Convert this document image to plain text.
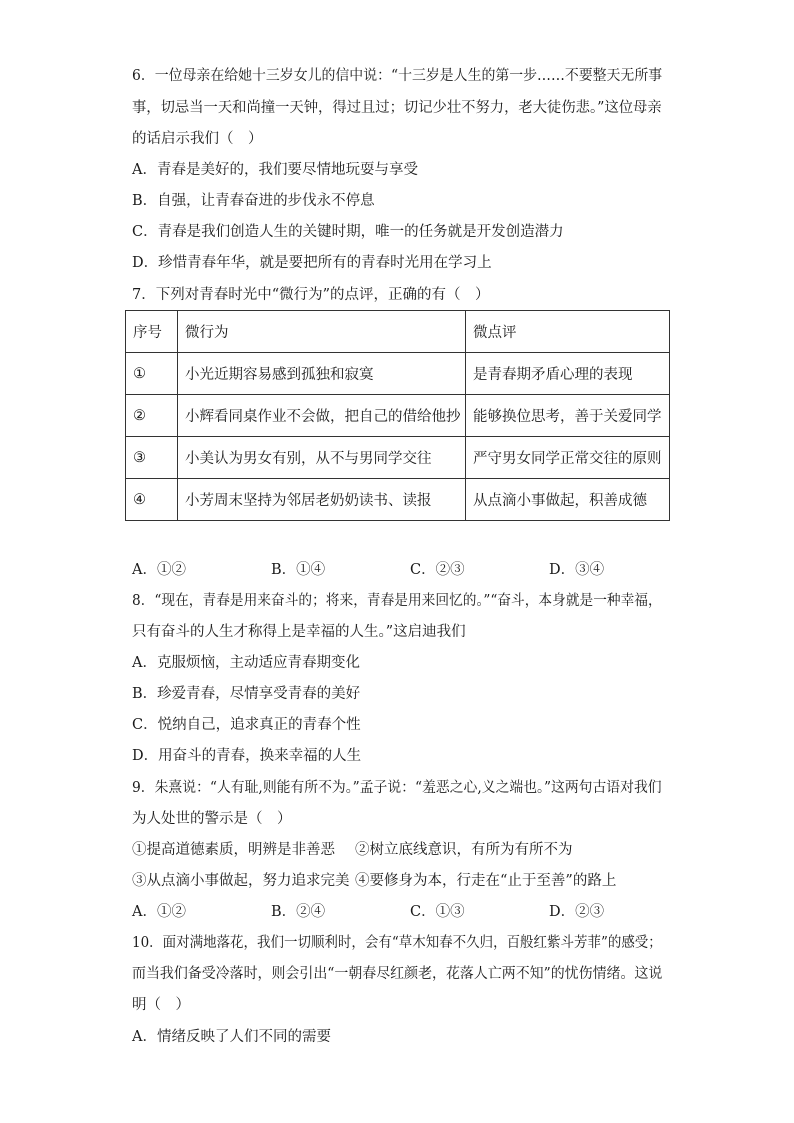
6．一位母亲在给她十三岁女儿的信中说：“十三岁是人生的第一步……不要整天无所事
事，切忌当一天和尚撞一天钟，得过且过；切记少壮不努力，老大徒伤悲。”这位母亲
的话启示我们（　）
A．青春是美好的，我们要尽情地玩耍与享受
B．自强，让青春奋进的步伐永不停息
C．青春是我们创造人生的关键时期，唯一的任务就是开发创造潜力
D．珍惜青春年华，就是要把所有的青春时光用在学习上
7．下列对青春时光中“微行为”的点评，正确的有（　）
序号	微行为	微点评
①	小光近期容易感到孤独和寂寞	是青春期矛盾心理的表现
②	小辉看同桌作业不会做，把自己的借给他抄	能够换位思考，善于关爱同学
③	小美认为男女有别，从不与男同学交往	严守男女同学正常交往的原则
④	小芳周末坚持为邻居老奶奶读书、读报	从点滴小事做起，积善成德
A．①②	B．①④	C．②③	D．③④
8．“现在，青春是用来奋斗的；将来，青春是用来回忆的。”“奋斗，本身就是一种幸福，
只有奋斗的人生才称得上是幸福的人生。”这启迪我们
A．克服烦恼，主动适应青春期变化
B．珍爱青春，尽情享受青春的美好
C．悦纳自己，追求真正的青春个性
D．用奋斗的青春，换来幸福的人生
9．朱熹说：“人有耻,则能有所不为。”孟子说：“羞恶之心,义之端也。”这两句古语对我们
为人处世的警示是（　）
①提高道德素质，明辨是非善恶 ②树立底线意识，有所为有所不为
③从点滴小事做起，努力追求完美 ④要修身为本，行走在“止于至善”的路上
A．①②	B．②④	C．①③	D．②③
10．面对满地落花，我们一切顺利时，会有“草木知春不久归，百般红紫斗芳菲”的感受；
而当我们备受冷落时，则会引出“一朝春尽红颜老，花落人亡两不知”的忧伤情绪。这说
明（　）
A．情绪反映了人们不同的需要
